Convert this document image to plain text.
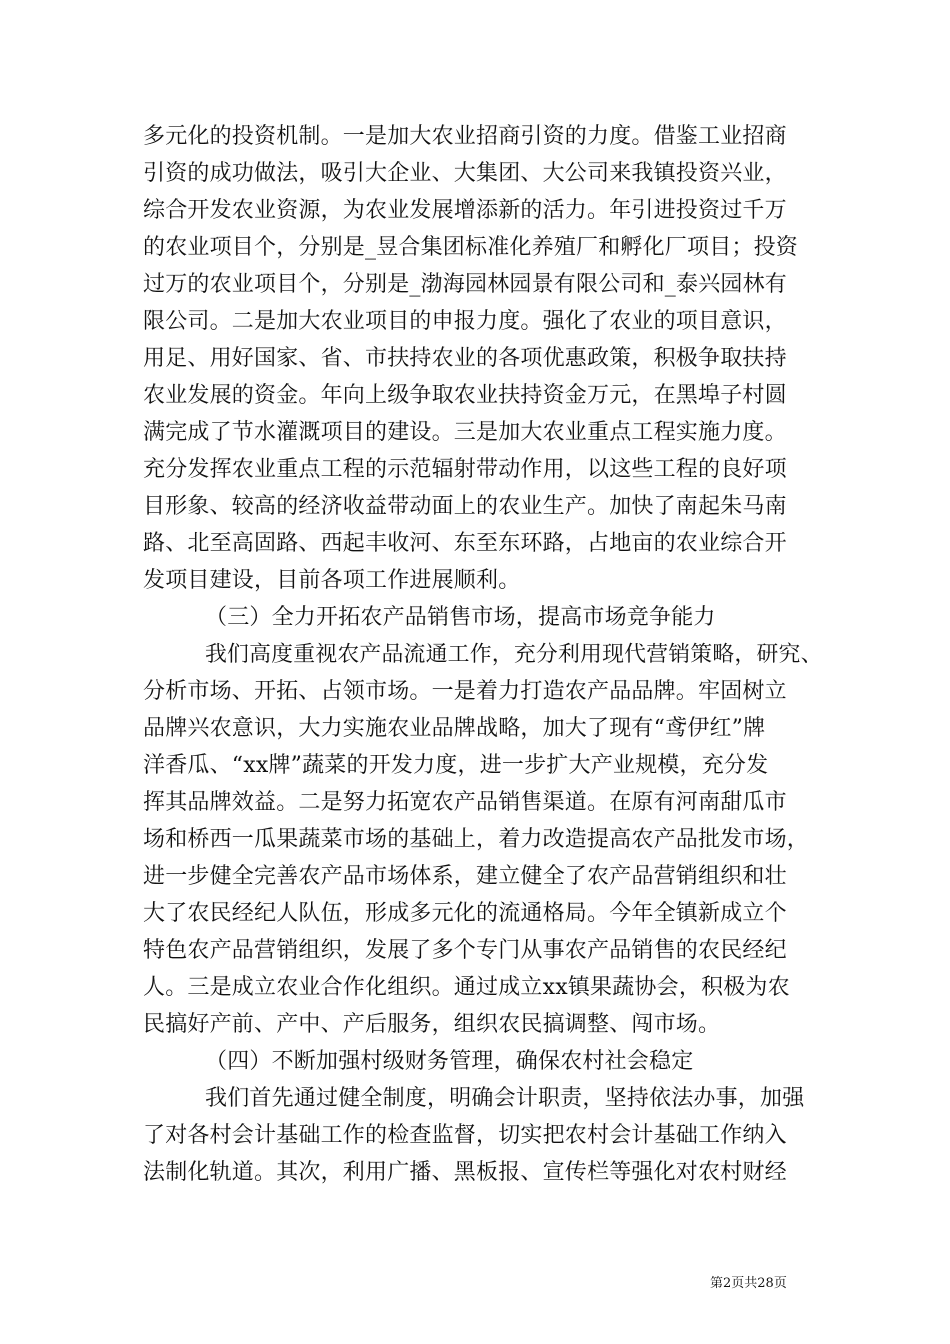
多元化的投资机制。一是加大农业招商引资的力度。借鉴工业招商
引资的成功做法，吸引大企业、大集团、大公司来我镇投资兴业，
综合开发农业资源，为农业发展增添新的活力。年引进投资过千万
的农业项目个，分别是_昱合集团标准化养殖厂和孵化厂项目；投资
过万的农业项目个，分别是_渤海园林园景有限公司和_泰兴园林有
限公司。二是加大农业项目的申报力度。强化了农业的项目意识，
用足、用好国家、省、市扶持农业的各项优惠政策，积极争取扶持
农业发展的资金。年向上级争取农业扶持资金万元，在黑埠子村圆
满完成了节水灌溉项目的建设。三是加大农业重点工程实施力度。
充分发挥农业重点工程的示范辐射带动作用，以这些工程的良好项
目形象、较高的经济收益带动面上的农业生产。加快了南起朱马南
路、北至高固路、西起丰收河、东至东环路，占地亩的农业综合开
发项目建设，目前各项工作进展顺利。
（三）全力开拓农产品销售市场，提高市场竞争能力
我们高度重视农产品流通工作，充分利用现代营销策略，研究、
分析市场、开拓、占领市场。一是着力打造农产品品牌。牢固树立
品牌兴农意识，大力实施农业品牌战略，加大了现有“鸢伊红”牌
洋香瓜、“xx牌”蔬菜的开发力度，进一步扩大产业规模，充分发
挥其品牌效益。二是努力拓宽农产品销售渠道。在原有河南甜瓜市
场和桥西一瓜果蔬菜市场的基础上，着力改造提高农产品批发市场，
进一步健全完善农产品市场体系，建立健全了农产品营销组织和壮
大了农民经纪人队伍，形成多元化的流通格局。今年全镇新成立个
特色农产品营销组织，发展了多个专门从事农产品销售的农民经纪
人。三是成立农业合作化组织。通过成立xx镇果蔬协会，积极为农
民搞好产前、产中、产后服务，组织农民搞调整、闯市场。
（四）不断加强村级财务管理，确保农村社会稳定
我们首先通过健全制度，明确会计职责，坚持依法办事，加强
了对各村会计基础工作的检查监督，切实把农村会计基础工作纳入
法制化轨道。其次，利用广播、黑板报、宣传栏等强化对农村财经
第2页共28页
